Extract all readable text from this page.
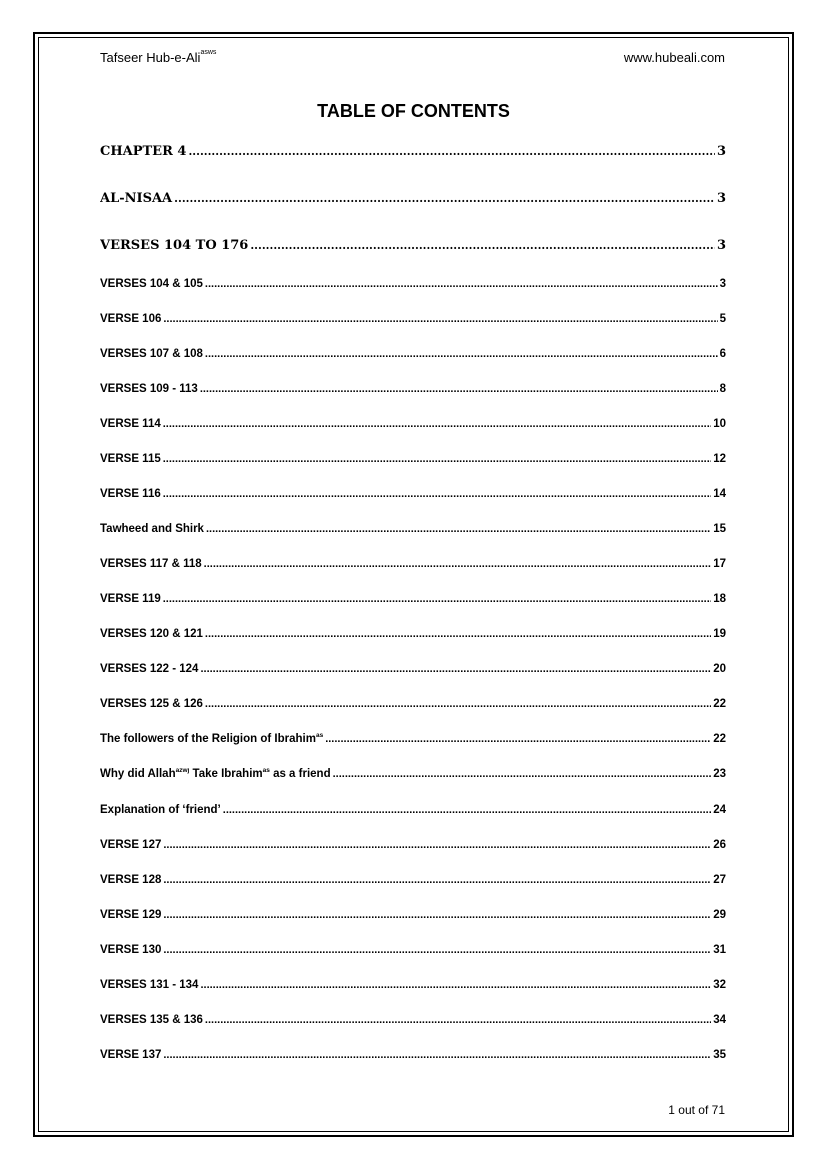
Tafseer Hub-e-Ali$^{asws}$	www.hubeali.com
TABLE OF CONTENTS
CHAPTER 4 .....	3
AL-NISAA .....	3
VERSES 104 TO 176 .....	3
VERSES 104 & 105 .....	3
VERSE 106 .....	5
VERSES 107 & 108 .....	6
VERSES 109 - 113 .....	8
VERSE 114 .....	10
VERSE 115 .....	12
VERSE 116 .....	14
Tawheed and Shirk .....	15
VERSES 117 & 118 .....	17
VERSE 119 .....	18
VERSES 120 & 121 .....	19
VERSES 122 - 124 .....	20
VERSES 125 & 126 .....	22
The followers of the Religion of Ibrahim$^{as}$ .....	22
Why did Allah$^{azwj}$ Take Ibrahim$^{as}$ as a friend .....	23
Explanation of ‘friend’ .....	24
VERSE 127 .....	26
VERSE 128 .....	27
VERSE 129 .....	29
VERSE 130 .....	31
VERSES 131 - 134 .....	32
VERSES 135 & 136 .....	34
VERSE 137 .....	35
1 out of 71
